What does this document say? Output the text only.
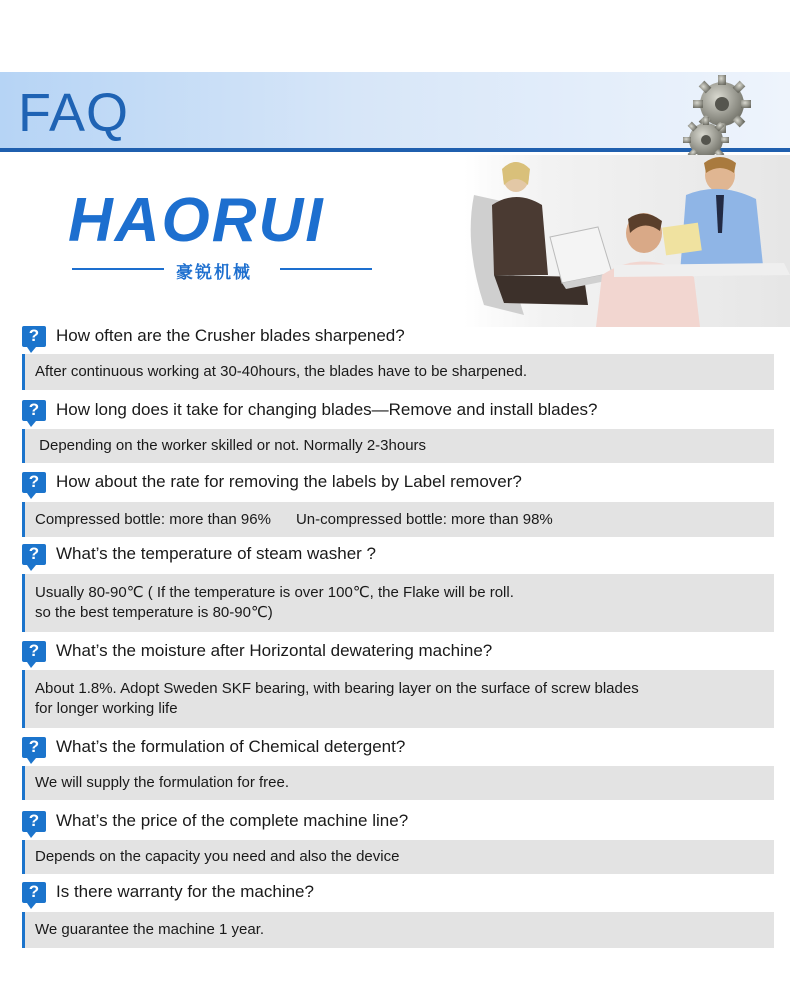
FAQ
HAORUI
豪锐机械
? How often are the Crusher blades sharpened?
After continuous working at 30-40hours, the blades have to be sharpened.
? How long does it take for changing blades—Remove and install blades?
Depending on the worker skilled or not. Normally 2-3hours
? How about the rate for removing the labels by Label remover?
Compressed bottle: more than 96%      Un-compressed bottle: more than 98%
? What’s the temperature of steam washer ?
Usually 80-90℃ ( If the temperature is over 100℃, the Flake will be roll.
so the best temperature is 80-90℃)
? What’s the moisture after Horizontal dewatering machine?
About 1.8%. Adopt Sweden SKF bearing, with bearing layer on the surface of screw blades
for longer working life
? What’s the formulation of Chemical detergent?
We will supply the formulation for free.
? What’s the price of the complete machine line?
Depends on the capacity you need and also the device
? Is there warranty for the machine?
We guarantee the machine 1 year.
